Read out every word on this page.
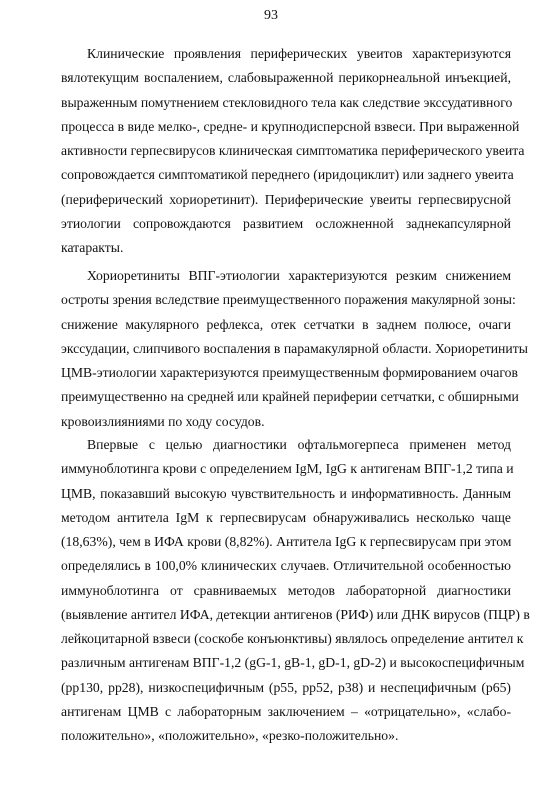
93
Клинические проявления периферических увеитов характеризуются
вялотекущим воспалением, слабовыраженной перикорнеальной инъекцией,
выраженным помутнением стекловидного тела как следствие экссудативного
процесса в виде мелко-, средне- и крупнодисперсной взвеси. При выраженной
активности герпесвирусов клиническая симптоматика периферического увеита
сопровождается симптоматикой переднего (иридоциклит) или заднего увеита
(периферический хориоретинит). Периферические увеиты герпесвирусной
этиологии сопровождаются развитием осложненной заднекапсулярной
катаракты.
Хориоретиниты ВПГ-этиологии характеризуются резким снижением
остроты зрения вследствие преимущественного поражения макулярной зоны:
снижение макулярного рефлекса, отек сетчатки в заднем полюсе, очаги
экссудации, слипчивого воспаления в парамакулярной области. Хориоретиниты
ЦМВ-этиологии характеризуются преимущественным формированием очагов
преимущественно на средней или крайней периферии сетчатки, с обширными
кровоизлияниями по ходу сосудов.
Впервые с целью диагностики офтальмогерпеса применен метод
иммуноблотинга крови с определением IgM, IgG к антигенам ВПГ-1,2 типа и
ЦМВ, показавший высокую чувствительность и информативность. Данным
методом антитела IgM к герпесвирусам обнаруживались несколько чаще
(18,63%), чем в ИФА крови (8,82%). Антитела IgG к герпесвирусам при этом
определялись в 100,0% клинических случаев. Отличительной особенностью
иммуноблотинга от сравниваемых методов лабораторной диагностики
(выявление антител ИФА, детекции антигенов (РИФ) или ДНК вирусов (ПЦР) в
лейкоцитарной взвеси (соскобе конъюнктивы) являлось определение антител к
различным антигенам ВПГ-1,2 (gG-1, gB-1, gD-1, gD-2) и высокоспецифичным
(pp130, pp28), низкоспецифичным (p55, pp52, p38) и неспецифичным (p65)
антигенам ЦМВ с лабораторным заключением – «отрицательно», «слабо-
положительно», «положительно», «резко-положительно».
